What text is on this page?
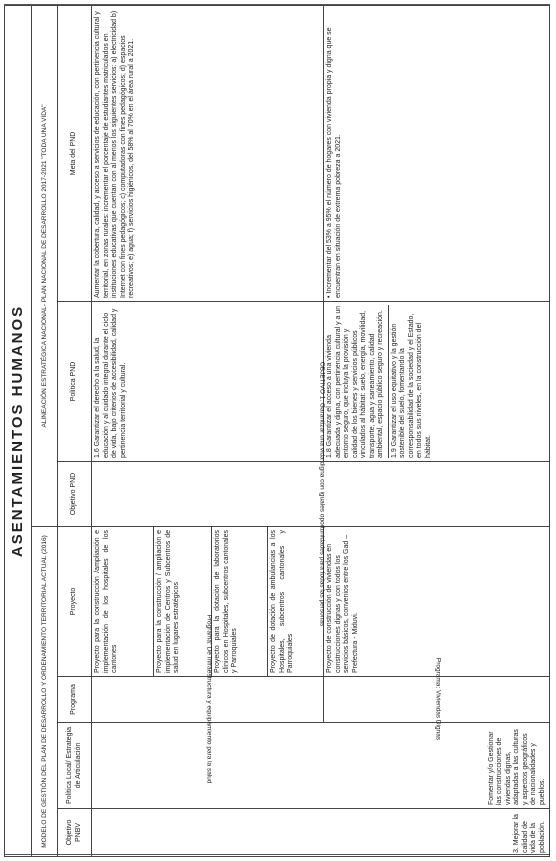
ASENTAMIENTOS HUMANOS						
MODELO DE GESTIÓN DEL PLAN DE DESARROLLO Y ORDENAMIENTO TERRITORIAL ACTUAL (2016)				ALINEACIÓN ESTRATÉGICA NACIONAL- PLAN NACIONAL DE DESARROLLO 2017-2021 "TODA UNA VIDA"		
Objetivo PNBV	Política Local/ Estrategia de Articulación	Programa	Proyecto	Objetivo PND	Política PND	Meta del PND
3. Mejorar la calidad de vida de la población.	Fomentar y/o Gestionar las construcciones de viviendas dignas, adaptadas a las culturas y aspectos geográficos de nacionalidades y pueblos.	Programa: De Infraestructura y equipamiento para la salud	Proyecto para la construcción /ampliación e implementación de los hospitales de los cantones	OBJETIVO 1: Garantizar una vida digna con iguales oportunidades para todas las personas	1.6 Garantizar el derecho a la salud, la educación y al cuidado integral durante el ciclo de vida, bajo criterios de accesibilidad, calidad y pertinencia territorial y cultural.	Aumentar la cobertura, calidad, y acceso a servicios de educación, con pertinencia cultural y territorial, en zonas rurales: incrementar el porcentaje de estudiantes matriculados en instituciones educativas que cuentan con al menos los siguientes servicios: a) electricidad b) Internet con fines pedagógicos; c) computadoras con fines pedagógicos; d) espacios recreativos; e) agua; f) servicios higiénicos, del 58% al 70% en el área rural a 2021.
			Proyecto para la construcción / ampliación e implementación de Centros y Subcentros de salud en lugares estratégicos			
			Proyecto para la dotación de laboratorios clínicos en Hospitales, subcentros cantonales y Parroquiales			
			Proyecto de dotación de ambulancias a los Hospitales, subcentros cantonales y Parroquiales			

		Programa: Viviendas Dignas	Proyecto de construcción de viviendas en construcciones dignas y con todos los servicios básicos, convenios entre los Gad – Prefectura - Miduvi.		1.8 Garantizar el acceso a una vivienda adecuada y digna, con pertinencia cultural y a un entorno seguro, que incluya la provisión y calidad de los bienes y servicios públicos vinculados al hábitat: suelo, energía, movilidad, transporte, agua y saneamiento, calidad ambiental, espacio público seguro y recreación. 1.9 Garantizar el uso equitativo y la gestión sostenible del suelo, fomentando la corresponsabilidad de la sociedad y el Estado, en todos sus niveles, en la construcción del hábitat.	• Incrementar del 53% a 95% el número de hogares con vivienda propia y digna que se encuentran en situación de extrema pobreza a 2021.
